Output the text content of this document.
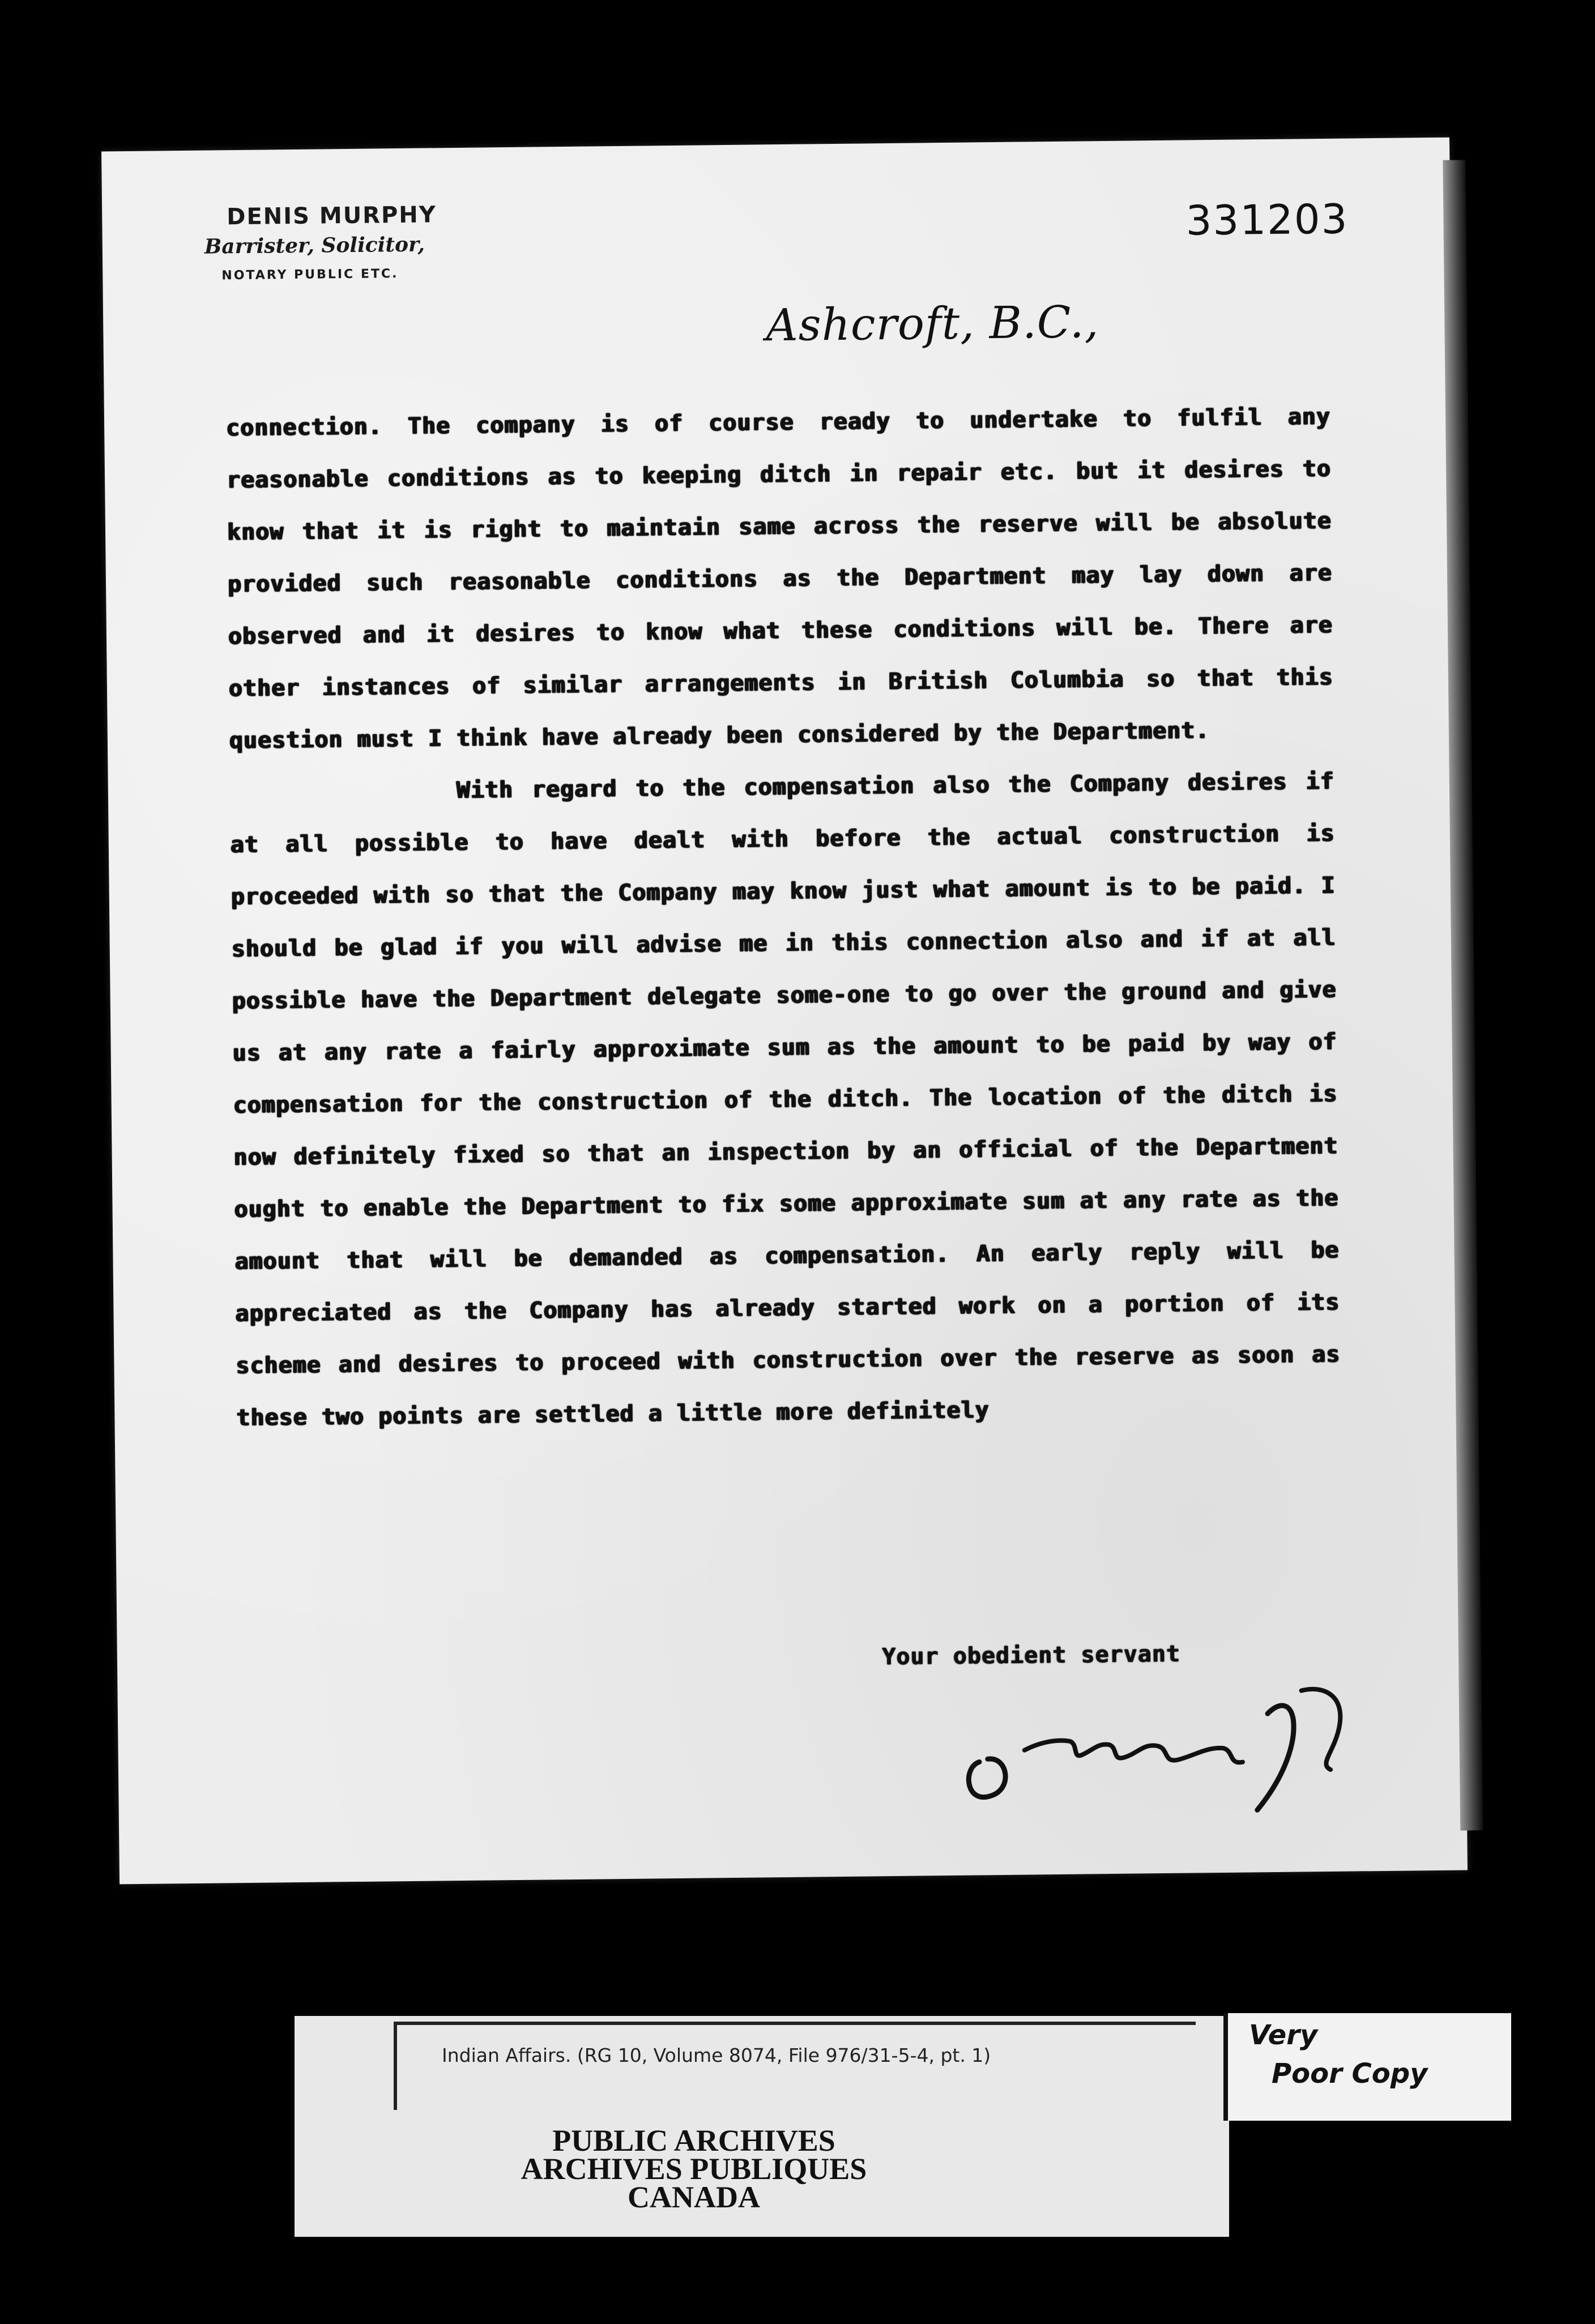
DENIS MURPHY
Barrister, Solicitor,
NOTARY PUBLIC ETC.
331203
Ashcroft, B.C.,

connection. The company is of course ready to undertake to fulfil any reasonable conditions as to keeping ditch in repair etc. but it desires to know that it is right to maintain same across the reserve will be absolute provided such reasonable conditions as the Department may lay down are observed and it desires to know what these conditions will be. There are other instances of similar arrangements in British Columbia so that this question must I think have already been considered by the Department.

With regard to the compensation also the Company desires if at all possible to have dealt with before the actual construction is proceeded with so that the Company may know just what amount is to be paid. I should be glad if you will advise me in this connection also and if at all possible have the Department delegate some-one to go over the ground and give us at any rate a fairly approximate sum as the amount to be paid by way of compensation for the construction of the ditch. The location of the ditch is now definitely fixed so that an inspection by an official of the Department ought to enable the Department to fix some approximate sum at any rate as the amount that will be demanded as compensation. An early reply will be appreciated as the Company has already started work on a portion of its scheme and desires to proceed with construction over the reserve as soon as these two points are settled a little more definitely

Your obedient servant
Indian Affairs. (RG 10, Volume 8074, File 976/31-5-4, pt. 1)
PUBLIC ARCHIVES
ARCHIVES PUBLIQUES
CANADA
Very
Poor Copy
